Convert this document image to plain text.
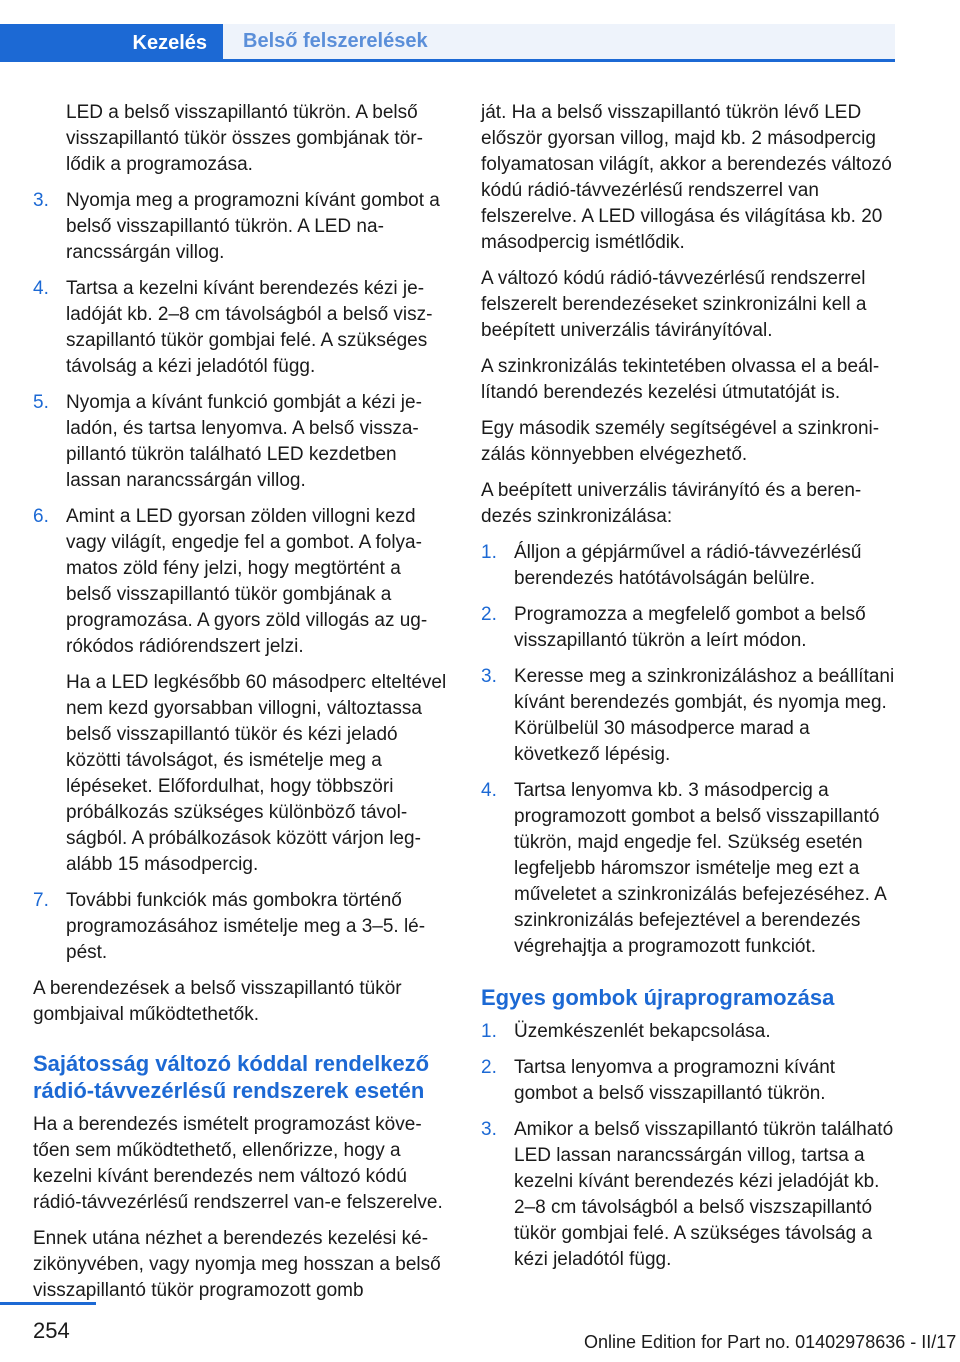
Kezelés	Belső felszerelések
LED a belső visszapillantó tükrön. A belső visszapillantó tükör összes gombjának törlődik a programozása.
3. Nyomja meg a programozni kívánt gombot a belső visszapillantó tükrön. A LED narancssárgán villog.
4. Tartsa a kezelni kívánt berendezés kézi jeladóját kb. 2–8 cm távolságból a belső viszszapillantó tükör gombjai felé. A szükséges távolság a kézi jeladótól függ.
5. Nyomja a kívánt funkció gombját a kézi jeladón, és tartsa lenyomva. A belső visszapillantó tükrön található LED kezdetben lassan narancssárgán villog.
6. Amint a LED gyorsan zölden villogni kezd vagy világít, engedje fel a gombot. A folyamatos zöld fény jelzi, hogy megtörtént a belső visszapillantó tükör gombjának a programozása. A gyors zöld villogás az ugrókódos rádiórendszert jelzi.
Ha a LED legkésőbb 60 másodperc elteltével nem kezd gyorsabban villogni, változtassa belső visszapillantó tükör és kézi jeladó közötti távolságot, és ismételje meg a lépéseket. Előfordulhat, hogy többszöri próbálkozás szükséges különböző távolságból. A próbálkozások között várjon legalább 15 másodpercig.
7. További funkciók más gombokra történő programozásához ismételje meg a 3–5. lépést.

A berendezések a belső visszapillantó tükör gombjaival működtethetők.

Sajátosság változó kóddal rendelkező rádió-távvezérlésű rendszerek esetén

Ha a berendezés ismételt programozást követően sem működtethető, ellenőrizze, hogy a kezelni kívánt berendezés nem változó kódú rádió-távvezérlésű rendszerrel van-e felszerelve.

Ennek utána nézhet a berendezés kezelési kézikönyvében, vagy nyomja meg hosszan a belső visszapillantó tükör programozott gomb

ját. Ha a belső visszapillantó tükrön lévő LED először gyorsan villog, majd kb. 2 másodpercig folyamatosan világít, akkor a berendezés változó kódú rádió-távvezérlésű rendszerrel van felszerelve. A LED villogása és világítása kb. 20 másodpercig ismétlődik.

A változó kódú rádió-távvezérlésű rendszerrel felszerelt berendezéseket szinkronizálni kell a beépített univerzális távirányítóval.

A szinkronizálás tekintetében olvassa el a beállítandó berendezés kezelési útmutatóját is.

Egy második személy segítségével a szinkronizálás könnyebben elvégezhető.

A beépített univerzális távirányító és a berendezés szinkronizálása:

1. Álljon a gépjárművel a rádió-távvezérlésű berendezés hatótávolságán belülre.
2. Programozza a megfelelő gombot a belső visszapillantó tükrön a leírt módon.
3. Keresse meg a szinkronizáláshoz a beállítani kívánt berendezés gombját, és nyomja meg. Körülbelül 30 másodperce marad a következő lépésig.
4. Tartsa lenyomva kb. 3 másodpercig a programozott gombot a belső visszapillantó tükrön, majd engedje fel. Szükség esetén legfeljebb háromszor ismételje meg ezt a műveletet a szinkronizálás befejezéséhez. A szinkronizálás befejeztével a berendezés végrehajtja a programozott funkciót.
Egyes gombok újraprogramozása
1. Üzemkészenlét bekapcsolása.
2. Tartsa lenyomva a programozni kívánt gombot a belső visszapillantó tükrön.
3. Amikor a belső visszapillantó tükrön található LED lassan narancssárgán villog, tartsa a kezelni kívánt berendezés kézi jeladóját kb. 2–8 cm távolságból a belső viszszapillantó tükör gombjai felé. A szükséges távolság a kézi jeladótól függ.
254	Online Edition for Part no. 01402978636 - II/17
